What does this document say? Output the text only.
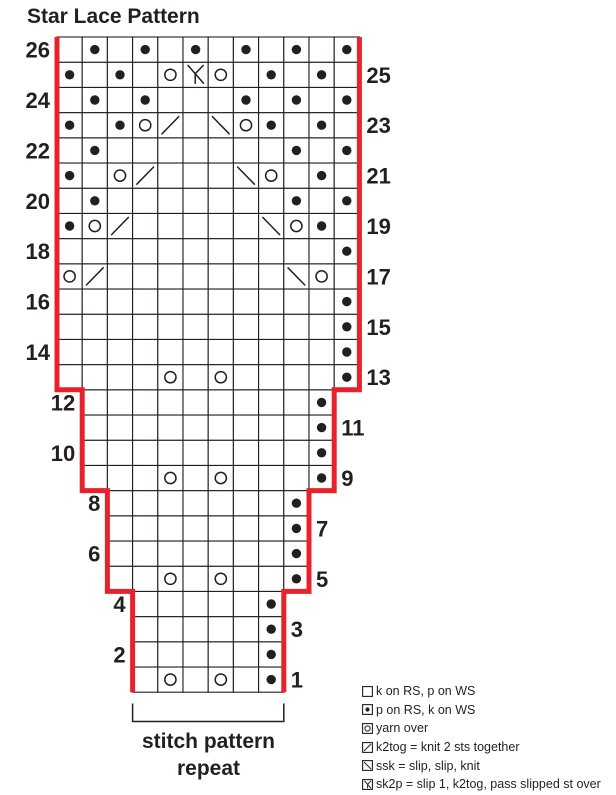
Star Lace Pattern
26
24
22
20
18
16
14
12
10
8
6
4
2
25
23
21
19
17
15
13
11
9
7
5
3
1
stitch pattern
repeat
k on RS, p on WS
p on RS, k on WS
yarn over
k2tog = knit 2 sts together
ssk = slip, slip, knit
sk2p = slip 1, k2tog, pass slipped st over
